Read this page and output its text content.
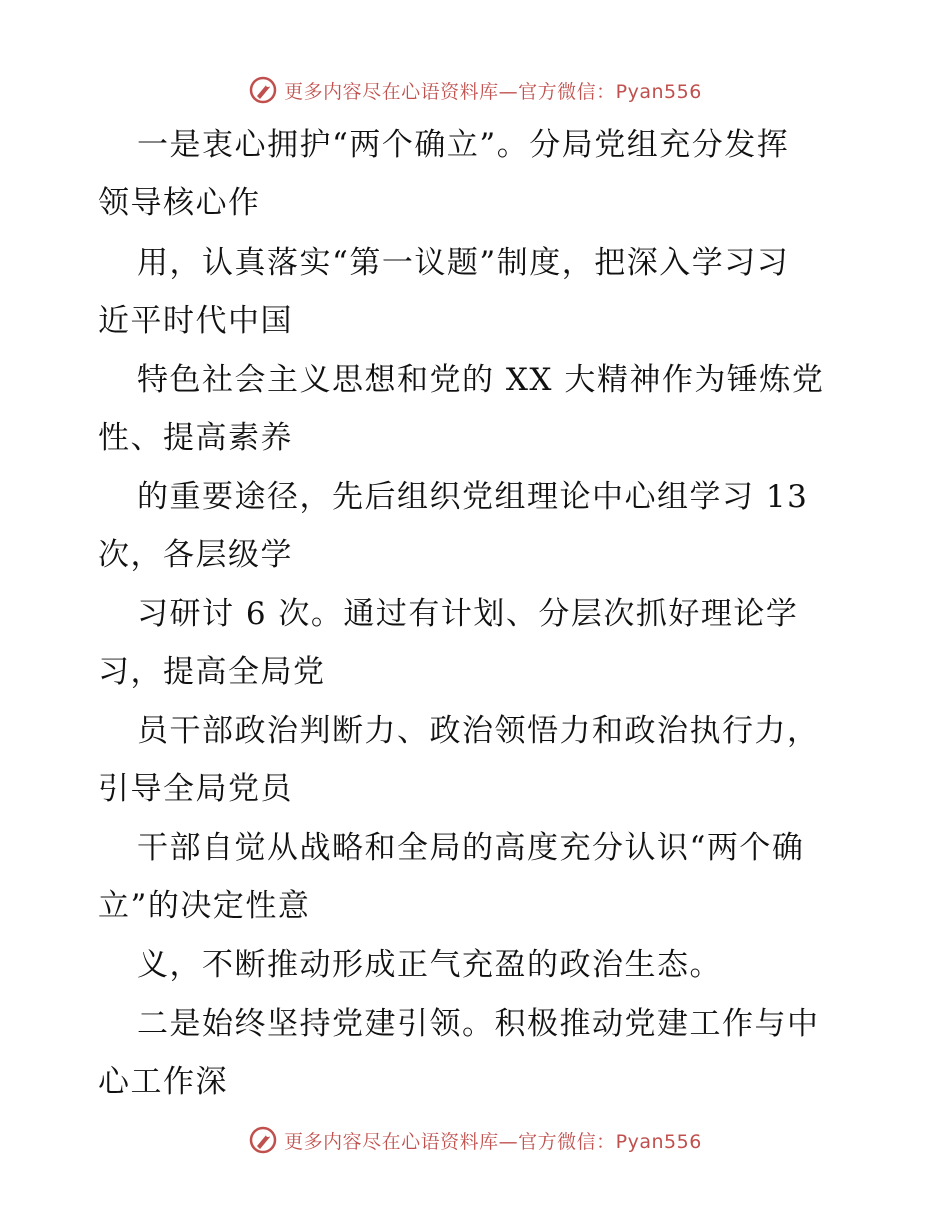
更多内容尽在心语资料库—官方微信：Pyan556
一是衷心拥护“两个确立”。分局党组充分发挥
领导核心作
用，认真落实“第一议题”制度，把深入学习习
近平时代中国
特色社会主义思想和党的 XX 大精神作为锤炼党
性、提高素养
的重要途径，先后组织党组理论中心组学习 13
次，各层级学
习研讨 6 次。通过有计划、分层次抓好理论学
习，提高全局党
员干部政治判断力、政治领悟力和政治执行力，
引导全局党员
干部自觉从战略和全局的高度充分认识“两个确
立”的决定性意
义，不断推动形成正气充盈的政治生态。
二是始终坚持党建引领。积极推动党建工作与中
心工作深
更多内容尽在心语资料库—官方微信：Pyan556
